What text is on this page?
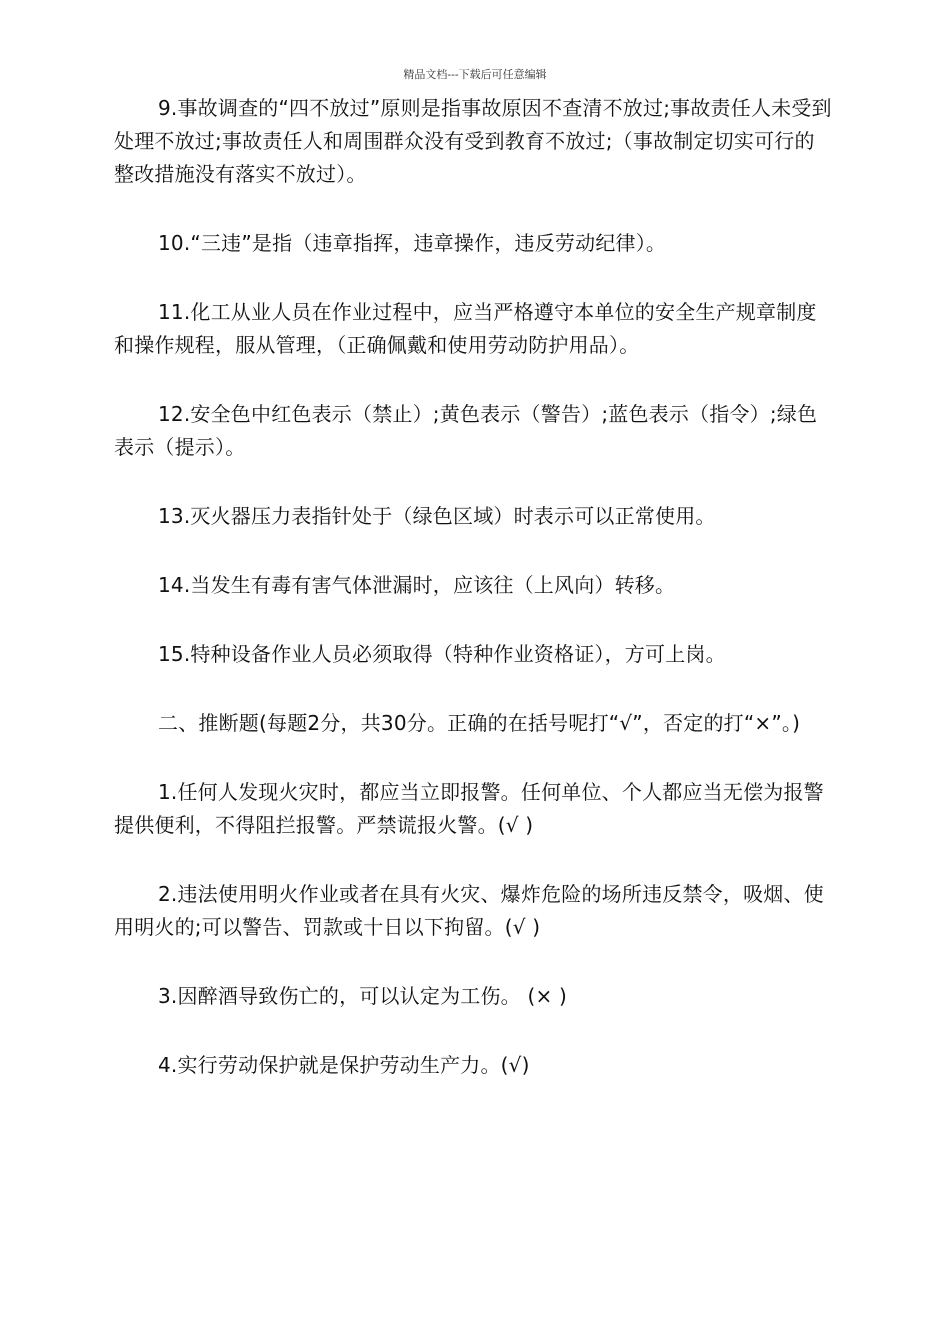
精品文档---下载后可任意编辑

9.事故调查的“四不放过”原则是指事故原因不查清不放过;事故责任人未受到处理不放过;事故责任人和周围群众没有受到教育不放过;（事故制定切实可行的整改措施没有落实不放过）。

10.“三违”是指（违章指挥，违章操作，违反劳动纪律）。

11.化工从业人员在作业过程中，应当严格遵守本单位的安全生产规章制度和操作规程，服从管理，（正确佩戴和使用劳动防护用品）。

12.安全色中红色表示（禁止）;黄色表示（警告）;蓝色表示（指令）;绿色表示（提示）。

13.灭火器压力表指针处于（绿色区域）时表示可以正常使用。

14.当发生有毒有害气体泄漏时，应该往（上风向）转移。

15.特种设备作业人员必须取得（特种作业资格证），方可上岗。

二、推断题(每题2分，共30分。正确的在括号呢打“√”，否定的打“×”。)

1.任何人发现火灾时，都应当立即报警。任何单位、个人都应当无偿为报警提供便利，不得阻拦报警。严禁谎报火警。(√ )

2.违法使用明火作业或者在具有火灾、爆炸危险的场所违反禁令，吸烟、使用明火的;可以警告、罚款或十日以下拘留。(√ )

3.因醉酒导致伤亡的，可以认定为工伤。 (× )

4.实行劳动保护就是保护劳动生产力。(√)
